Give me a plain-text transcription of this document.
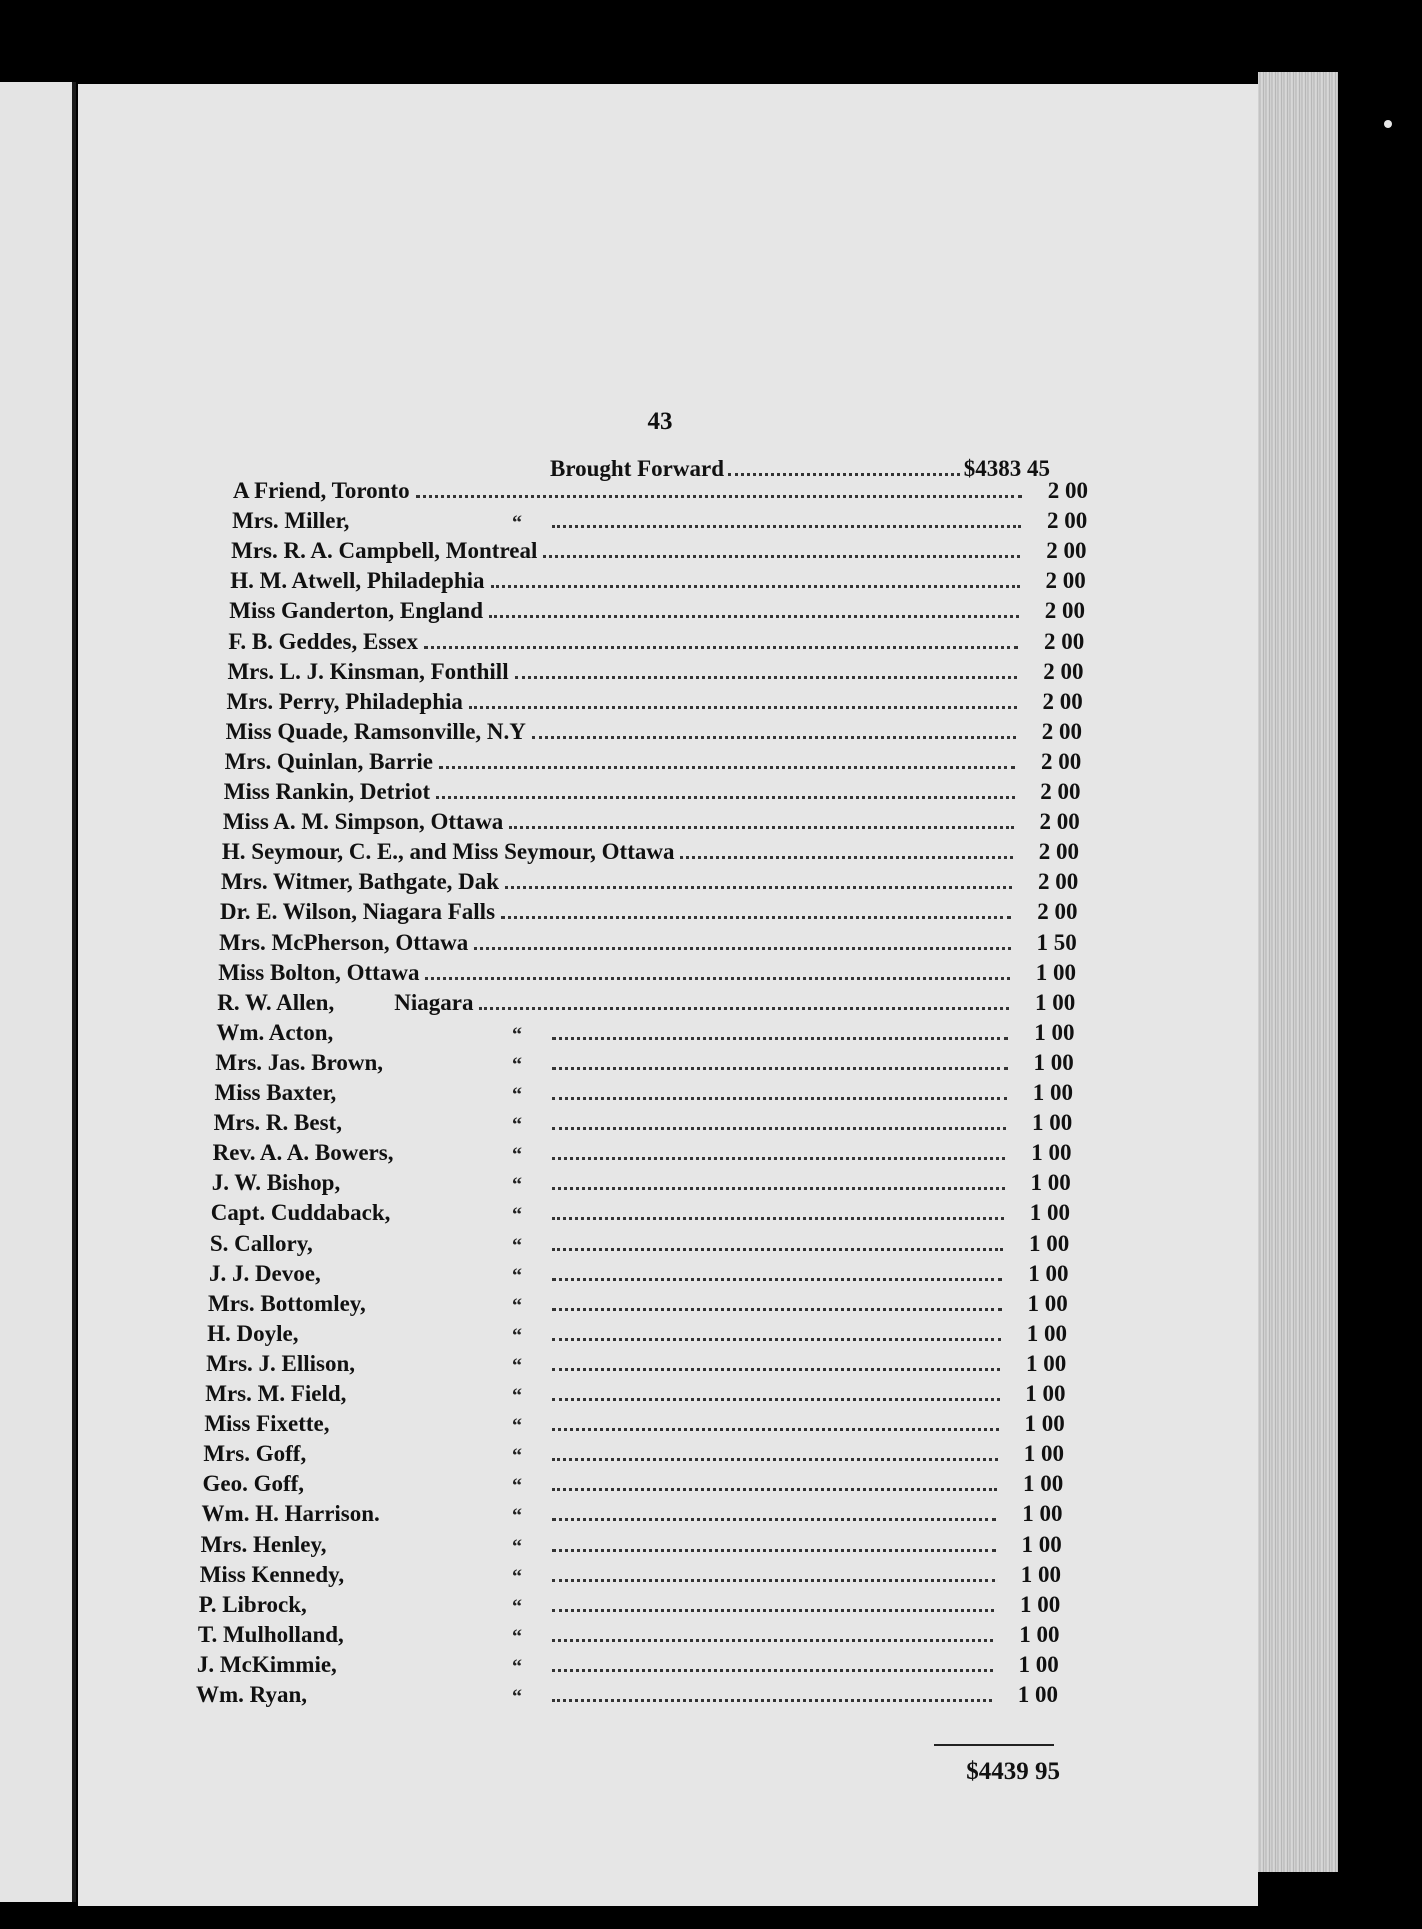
43
Brought Forward	$4383 45
A Friend, Toronto	2 00
Mrs. Miller,	“	2 00
Mrs. R. A. Campbell, Montreal	2 00
H. M. Atwell, Philadephia	2 00
Miss Ganderton, England	2 00
F. B. Geddes, Essex	2 00
Mrs. L. J. Kinsman, Fonthill	2 00
Mrs. Perry, Philadephia	2 00
Miss Quade, Ramsonville, N.Y	2 00
Mrs. Quinlan, Barrie	2 00
Miss Rankin, Detriot	2 00
Miss A. M. Simpson, Ottawa	2 00
H. Seymour, C. E., and Miss Seymour, Ottawa	2 00
Mrs. Witmer, Bathgate, Dak	2 00
Dr. E. Wilson, Niagara Falls	2 00
Mrs. McPherson, Ottawa	1 50
Miss Bolton, Ottawa	1 00
R. W. Allen,	Niagara	1 00
Wm. Acton,	“	1 00
Mrs. Jas. Brown,	“	1 00
Miss Baxter,	“	1 00
Mrs. R. Best,	“	1 00
Rev. A. A. Bowers,	“	1 00
J. W. Bishop,	“	1 00
Capt. Cuddaback,	“	1 00
S. Callory,	“	1 00
J. J. Devoe,	“	1 00
Mrs. Bottomley,	“	1 00
H. Doyle,	“	1 00
Mrs. J. Ellison,	“	1 00
Mrs. M. Field,	“	1 00
Miss Fixette,	“	1 00
Mrs. Goff,	“	1 00
Geo. Goff,	“	1 00
Wm. H. Harrison.	“	1 00
Mrs. Henley,	“	1 00
Miss Kennedy,	“	1 00
P. Librock,	“	1 00
T. Mulholland,	“	1 00
J. McKimmie,	“	1 00
Wm. Ryan,	“	1 00
$4439 95
